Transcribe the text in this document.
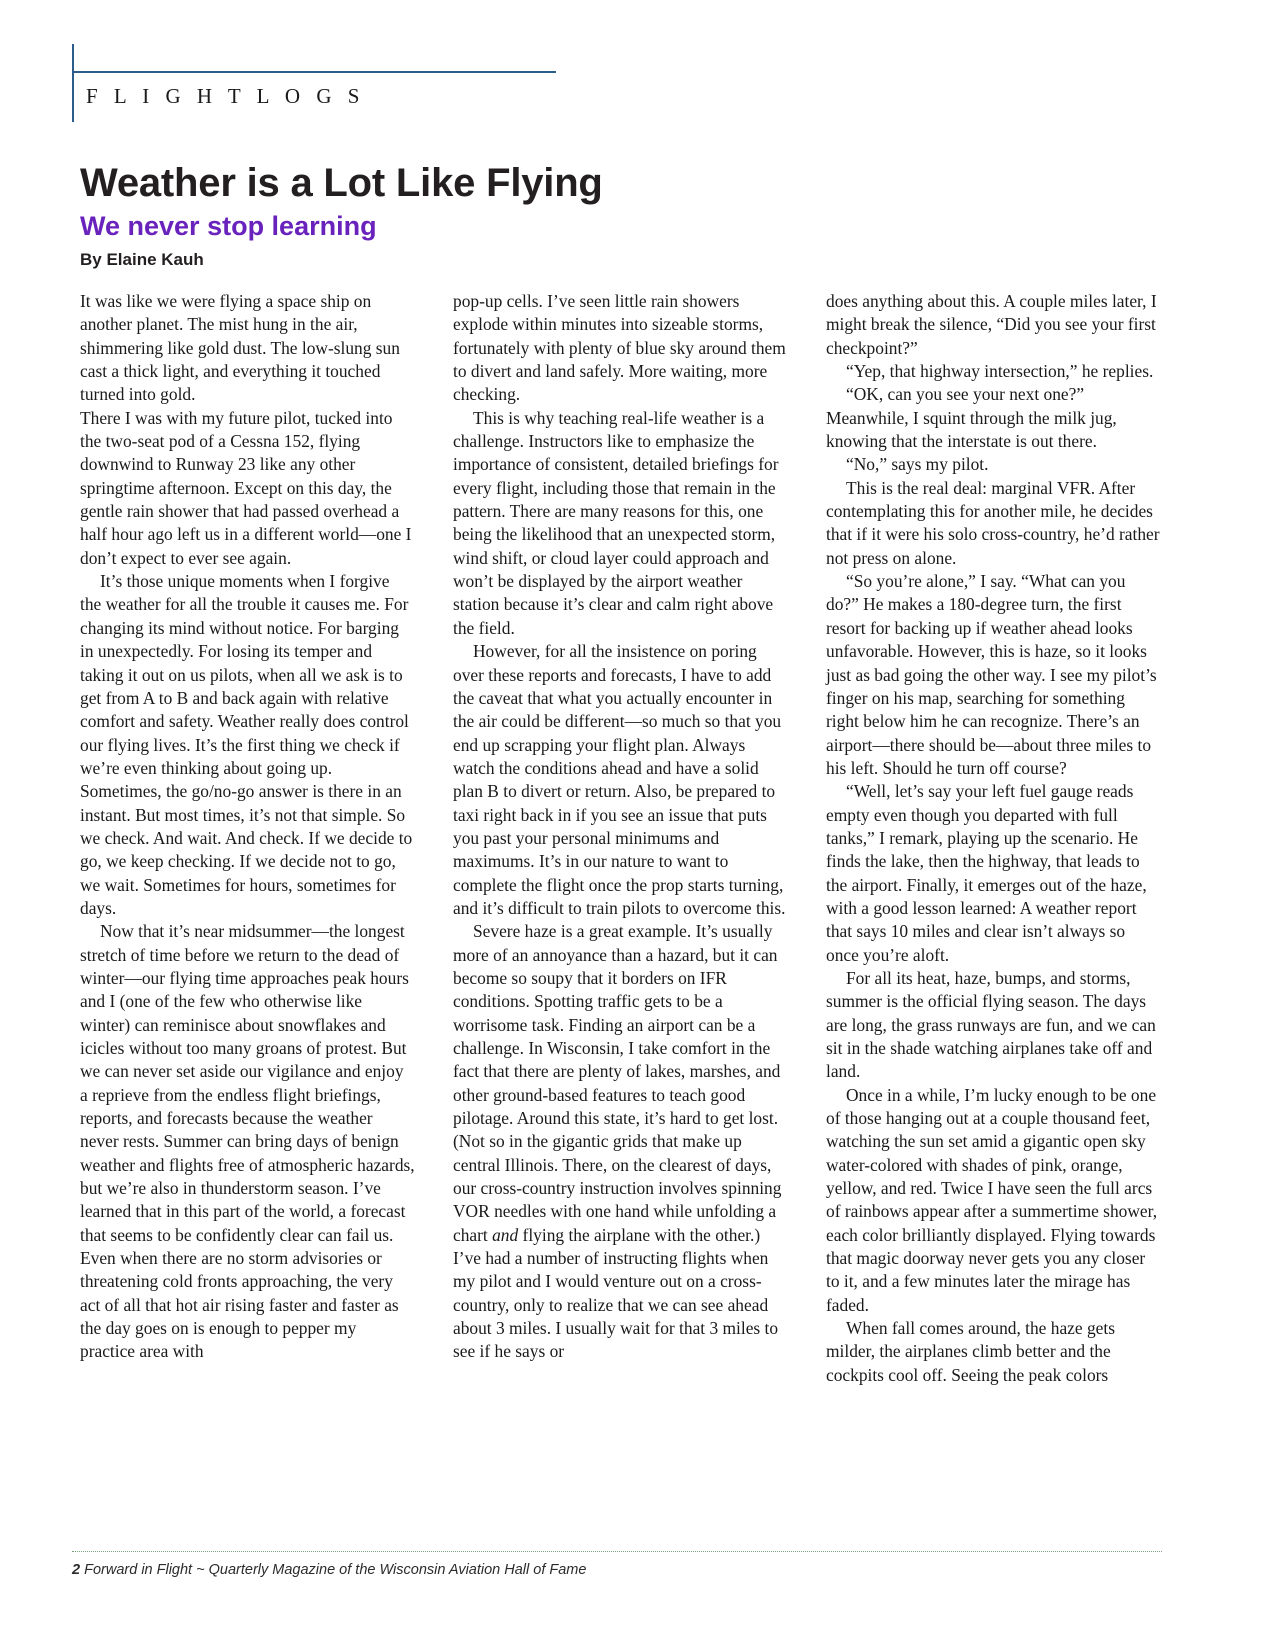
F L I G H T L O G S
Weather is a Lot Like Flying
We never stop learning
By Elaine Kauh

It was like we were flying a space ship on another planet. The mist hung in the air, shimmering like gold dust. The low-slung sun cast a thick light, and everything it touched turned into gold.

There I was with my future pilot, tucked into the two-seat pod of a Cessna 152, flying downwind to Runway 23 like any other springtime afternoon. Except on this day, the gentle rain shower that had passed overhead a half hour ago left us in a different world—one I don’t expect to ever see again.

It’s those unique moments when I forgive the weather for all the trouble it causes me. For changing its mind without notice. For barging in unexpectedly. For losing its temper and taking it out on us pilots, when all we ask is to get from A to B and back again with relative comfort and safety. Weather really does control our flying lives. It’s the first thing we check if we’re even thinking about going up. Sometimes, the go/no-go answer is there in an instant. But most times, it’s not that simple. So we check. And wait. And check. If we decide to go, we keep checking. If we decide not to go, we wait. Sometimes for hours, sometimes for days.

Now that it’s near midsummer—the longest stretch of time before we return to the dead of winter—our flying time approaches peak hours and I (one of the few who otherwise like winter) can reminisce about snowflakes and icicles without too many groans of protest. But we can never set aside our vigilance and enjoy a reprieve from the endless flight briefings, reports, and forecasts because the weather never rests. Summer can bring days of benign weather and flights free of atmospheric hazards, but we’re also in thunderstorm season. I’ve learned that in this part of the world, a forecast that seems to be confidently clear can fail us. Even when there are no storm advisories or threatening cold fronts approaching, the very act of all that hot air rising faster and faster as the day goes on is enough to pepper my practice area with

pop-up cells. I’ve seen little rain showers explode within minutes into sizeable storms, fortunately with plenty of blue sky around them to divert and land safely. More waiting, more checking.

This is why teaching real-life weather is a challenge. Instructors like to emphasize the importance of consistent, detailed briefings for every flight, including those that remain in the pattern. There are many reasons for this, one being the likelihood that an unexpected storm, wind shift, or cloud layer could approach and won’t be displayed by the airport weather station because it’s clear and calm right above the field.

However, for all the insistence on poring over these reports and forecasts, I have to add the caveat that what you actually encounter in the air could be different—so much so that you end up scrapping your flight plan. Always watch the conditions ahead and have a solid plan B to divert or return. Also, be prepared to taxi right back in if you see an issue that puts you past your personal minimums and maximums. It’s in our nature to want to complete the flight once the prop starts turning, and it’s difficult to train pilots to overcome this.

Severe haze is a great example. It’s usually more of an annoyance than a hazard, but it can become so soupy that it borders on IFR conditions. Spotting traffic gets to be a worrisome task. Finding an airport can be a challenge. In Wisconsin, I take comfort in the fact that there are plenty of lakes, marshes, and other ground-based features to teach good pilotage. Around this state, it’s hard to get lost. (Not so in the gigantic grids that make up central Illinois. There, on the clearest of days, our cross-country instruction involves spinning VOR needles with one hand while unfolding a chart and flying the airplane with the other.) I’ve had a number of instructing flights when my pilot and I would venture out on a cross-country, only to realize that we can see ahead about 3 miles. I usually wait for that 3 miles to see if he says or

does anything about this. A couple miles later, I might break the silence, “Did you see your first checkpoint?”

“Yep, that highway intersection,” he replies.

“OK, can you see your next one?” Meanwhile, I squint through the milk jug, knowing that the interstate is out there.

“No,” says my pilot.

This is the real deal: marginal VFR. After contemplating this for another mile, he decides that if it were his solo cross-country, he’d rather not press on alone.

“So you’re alone,” I say. “What can you do?” He makes a 180-degree turn, the first resort for backing up if weather ahead looks unfavorable. However, this is haze, so it looks just as bad going the other way. I see my pilot’s finger on his map, searching for something right below him he can recognize. There’s an airport—there should be—about three miles to his left. Should he turn off course?

“Well, let’s say your left fuel gauge reads empty even though you departed with full tanks,” I remark, playing up the scenario. He finds the lake, then the highway, that leads to the airport. Finally, it emerges out of the haze, with a good lesson learned: A weather report that says 10 miles and clear isn’t always so once you’re aloft.

For all its heat, haze, bumps, and storms, summer is the official flying season. The days are long, the grass runways are fun, and we can sit in the shade watching airplanes take off and land.

Once in a while, I’m lucky enough to be one of those hanging out at a couple thousand feet, watching the sun set amid a gigantic open sky water-colored with shades of pink, orange, yellow, and red. Twice I have seen the full arcs of rainbows appear after a summertime shower, each color brilliantly displayed. Flying towards that magic doorway never gets you any closer to it, and a few minutes later the mirage has faded.

When fall comes around, the haze gets milder, the airplanes climb better and the cockpits cool off. Seeing the peak colors

2 Forward in Flight ~ Quarterly Magazine of the Wisconsin Aviation Hall of Fame
